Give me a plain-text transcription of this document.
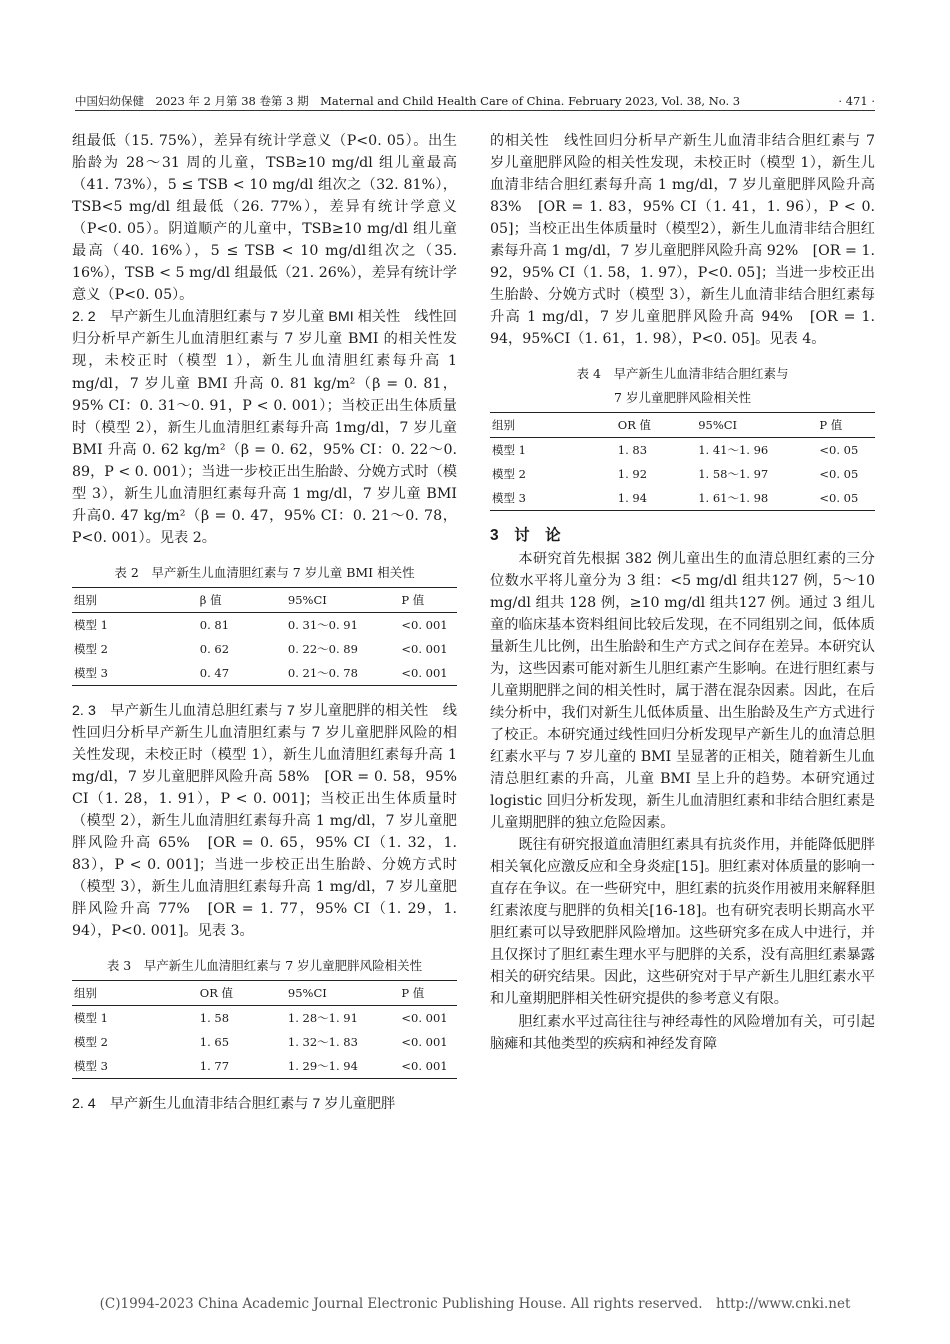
中国妇幼保健　2023 年 2 月第 38 卷第 3 期　Maternal and Child Health Care of China. February 2023, Vol. 38, No. 3	· 471 ·

组最低（15. 75%），差异有统计学意义（P<0. 05）。出生胎龄为 28～31 周的儿童，TSB≥10 mg/dl 组儿童最高（41. 73%），5 ≤ TSB < 10 mg/dl 组次之（32. 81%），TSB<5 mg/dl 组最低（26. 77%），差异有统计学意义（P<0. 05）。阴道顺产的儿童中，TSB≥10 mg/dl 组儿童最高（40. 16%），5 ≤ TSB < 10 mg/dl组次之（35. 16%），TSB < 5 mg/dl 组最低（21. 26%），差异有统计学意义（P<0. 05）。

2. 2　早产新生儿血清胆红素与 7 岁儿童 BMI 相关性　线性回归分析早产新生儿血清胆红素与 7 岁儿童 BMI 的相关性发现，未校正时（模型 1），新生儿血清胆红素每升高 1 mg/dl，7 岁儿童 BMI 升高 0. 81 kg/m²（β = 0. 81，95% CI：0. 31～0. 91，P < 0. 001）；当校正出生体质量时（模型 2），新生儿血清胆红素每升高 1mg/dl，7 岁儿童 BMI 升高 0. 62 kg/m²（β = 0. 62，95% CI：0. 22～0. 89，P < 0. 001）；当进一步校正出生胎龄、分娩方式时（模型 3），新生儿血清胆红素每升高 1 mg/dl，7 岁儿童 BMI 升高0. 47 kg/m²（β = 0. 47，95% CI：0. 21～0. 78，P<0. 001）。见表 2。

表 2　早产新生儿血清胆红素与 7 岁儿童 BMI 相关性
组别	β 值	95%CI	P 值
模型 1	0. 81	0. 31～0. 91	<0. 001
模型 2	0. 62	0. 22～0. 89	<0. 001
模型 3	0. 47	0. 21～0. 78	<0. 001

2. 3　早产新生儿血清总胆红素与 7 岁儿童肥胖的相关性　线性回归分析早产新生儿血清胆红素与 7 岁儿童肥胖风险的相关性发现，未校正时（模型 1），新生儿血清胆红素每升高 1 mg/dl，7 岁儿童肥胖风险升高 58%　[OR = 0. 58，95% CI（1. 28，1. 91），P < 0. 001]；当校正出生体质量时（模型 2），新生儿血清胆红素每升高 1 mg/dl，7 岁儿童肥胖风险升高 65%　[OR = 0. 65，95% CI（1. 32，1. 83），P < 0. 001]；当进一步校正出生胎龄、分娩方式时（模型 3），新生儿血清胆红素每升高 1 mg/dl，7 岁儿童肥胖风险升高 77%　[OR = 1. 77，95% CI（1. 29，1. 94），P<0. 001]。见表 3。

表 3　早产新生儿血清胆红素与 7 岁儿童肥胖风险相关性
组别	OR 值	95%CI	P 值
模型 1	1. 58	1. 28～1. 91	<0. 001
模型 2	1. 65	1. 32～1. 83	<0. 001
模型 3	1. 77	1. 29～1. 94	<0. 001

2. 4　早产新生儿血清非结合胆红素与 7 岁儿童肥胖

的相关性　线性回归分析早产新生儿血清非结合胆红素与 7 岁儿童肥胖风险的相关性发现，未校正时（模型 1），新生儿血清非结合胆红素每升高 1 mg/dl，7 岁儿童肥胖风险升高 83%　[OR = 1. 83，95% CI（1. 41，1. 96），P < 0. 05]；当校正出生体质量时（模型2），新生儿血清非结合胆红素每升高 1 mg/dl，7 岁儿童肥胖风险升高 92%　[OR = 1. 92，95% CI（1. 58，1. 97），P<0. 05]；当进一步校正出生胎龄、分娩方式时（模型 3），新生儿血清非结合胆红素每升高 1 mg/dl，7 岁儿童肥胖风险升高 94%　[OR = 1. 94，95%CI（1. 61，1. 98），P<0. 05]。见表 4。

表 4　早产新生儿血清非结合胆红素与
7 岁儿童肥胖风险相关性
组别	OR 值	95%CI	P 值
模型 1	1. 83	1. 41～1. 96	<0. 05
模型 2	1. 92	1. 58～1. 97	<0. 05
模型 3	1. 94	1. 61～1. 98	<0. 05

3　讨　论

本研究首先根据 382 例儿童出生的血清总胆红素的三分位数水平将儿童分为 3 组：<5 mg/dl 组共127 例，5～10 mg/dl 组共 128 例，≥10 mg/dl 组共127 例。通过 3 组儿童的临床基本资料组间比较后发现，在不同组别之间，低体质量新生儿比例，出生胎龄和生产方式之间存在差异。本研究认为，这些因素可能对新生儿胆红素产生影响。在进行胆红素与儿童期肥胖之间的相关性时，属于潜在混杂因素。因此，在后续分析中，我们对新生儿低体质量、出生胎龄及生产方式进行了校正。本研究通过线性回归分析发现早产新生儿的血清总胆红素水平与 7 岁儿童的 BMI 呈显著的正相关，随着新生儿血清总胆红素的升高，儿童 BMI 呈上升的趋势。本研究通过 logistic 回归分析发现，新生儿血清胆红素和非结合胆红素是儿童期肥胖的独立危险因素。

既往有研究报道血清胆红素具有抗炎作用，并能降低肥胖相关氧化应激反应和全身炎症[15]。胆红素对体质量的影响一直存在争议。在一些研究中，胆红素的抗炎作用被用来解释胆红素浓度与肥胖的负相关[16-18]。也有研究表明长期高水平胆红素可以导致肥胖风险增加。这些研究多在成人中进行，并且仅探讨了胆红素生理水平与肥胖的关系，没有高胆红素暴露相关的研究结果。因此，这些研究对于早产新生儿胆红素水平和儿童期肥胖相关性研究提供的参考意义有限。

胆红素水平过高往往与神经毒性的风险增加有关，可引起脑瘫和其他类型的疾病和神经发育障

(C)1994-2023 China Academic Journal Electronic Publishing House. All rights reserved.　http://www.cnki.net
